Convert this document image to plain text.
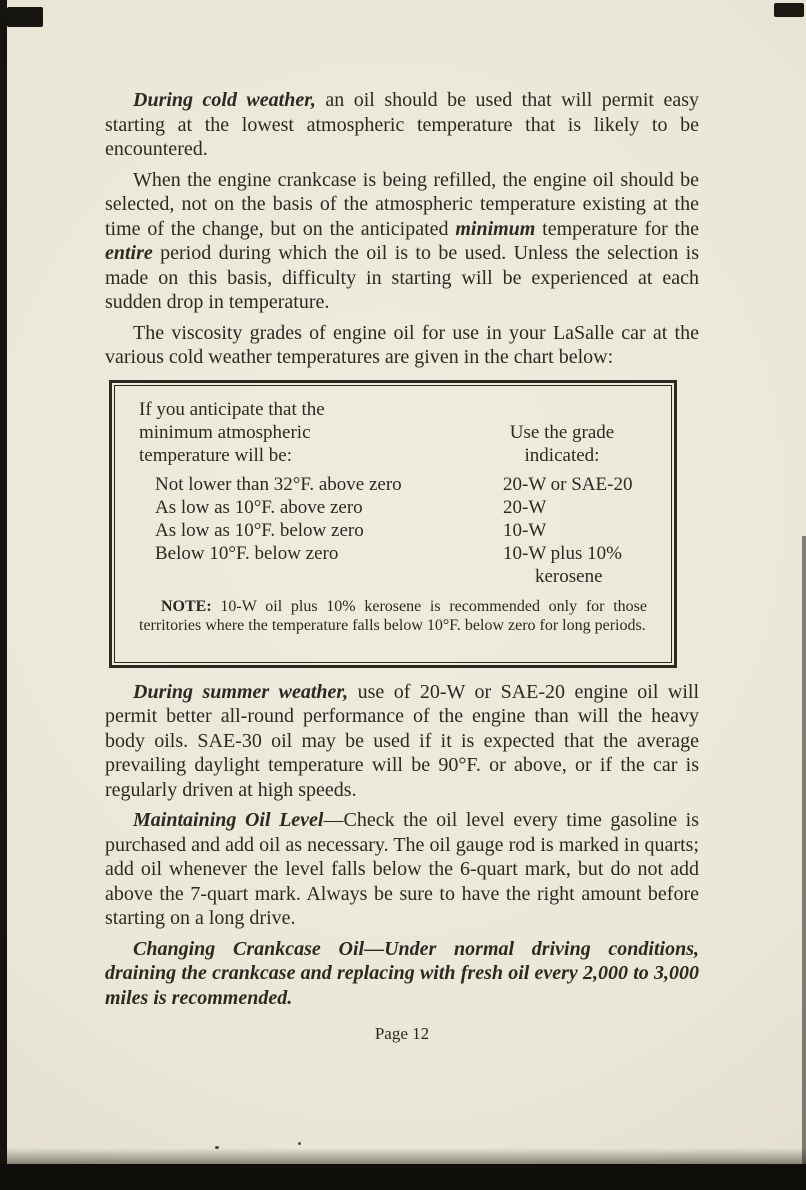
During cold weather, an oil should be used that will permit easy starting at the lowest atmospheric temperature that is likely to be encountered.

When the engine crankcase is being refilled, the engine oil should be selected, not on the basis of the atmospheric temperature existing at the time of the change, but on the anticipated minimum temperature for the entire period during which the oil is to be used. Unless the selection is made on this basis, difficulty in starting will be experienced at each sudden drop in temperature.

The viscosity grades of engine oil for use in your LaSalle car at the various cold weather temperatures are given in the chart below:

If you anticipate that the minimum atmospheric temperature will be:
Use the grade indicated:
Not lower than 32°F. above zero	20-W or SAE-20
As low as 10°F. above zero	20-W
As low as 10°F. below zero	10-W
Below 10°F. below zero	10-W plus 10% kerosene

NOTE: 10-W oil plus 10% kerosene is recommended only for those territories where the temperature falls below 10°F. below zero for long periods.

During summer weather, use of 20-W or SAE-20 engine oil will permit better all-round performance of the engine than will the heavy body oils. SAE-30 oil may be used if it is expected that the average prevailing daylight temperature will be 90°F. or above, or if the car is regularly driven at high speeds.

Maintaining Oil Level—Check the oil level every time gasoline is purchased and add oil as necessary. The oil gauge rod is marked in quarts; add oil whenever the level falls below the 6-quart mark, but do not add above the 7-quart mark. Always be sure to have the right amount before starting on a long drive.

Changing Crankcase Oil—Under normal driving conditions, draining the crankcase and replacing with fresh oil every 2,000 to 3,000 miles is recommended.

Page 12
